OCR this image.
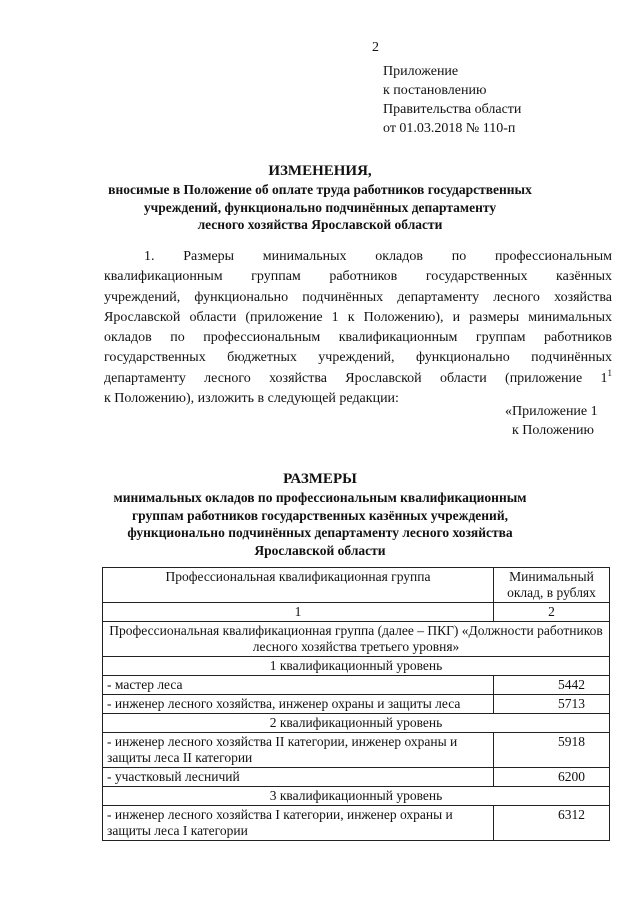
2
Приложение
к постановлению
Правительства области
от 01.03.2018 № 110-п
ИЗМЕНЕНИЯ,
вносимые в Положение об оплате труда работников государственных
учреждений, функционально подчинённых департаменту
лесного хозяйства Ярославской области
1. Размеры минимальных окладов по профессиональным
квалификационным группам работников государственных казённых
учреждений, функционально подчинённых департаменту лесного хозяйства
Ярославской области (приложение 1 к Положению), и размеры минимальных
окладов по профессиональным квалификационным группам работников
государственных бюджетных учреждений, функционально подчинённых
департаменту лесного хозяйства Ярославской области (приложение $1^1$
к Положению), изложить в следующей редакции:
«Приложение 1
к Положению
РАЗМЕРЫ
минимальных окладов по профессиональным квалификационным
группам работников государственных казённых учреждений,
функционально подчинённых департаменту лесного хозяйства
Ярославской области
Профессиональная квалификационная группа	Минимальный оклад, в рублях
1	2
Профессиональная квалификационная группа (далее – ПКГ) «Должности работников лесного хозяйства третьего уровня»	
1 квалификационный уровень	
- мастер леса	5442
- инженер лесного хозяйства, инженер охраны и защиты леса	5713
2 квалификационный уровень	
- инженер лесного хозяйства II категории, инженер охраны и защиты леса II категории	5918
- участковый лесничий	6200
3 квалификационный уровень	
- инженер лесного хозяйства I категории, инженер охраны и защиты леса I категории	6312
